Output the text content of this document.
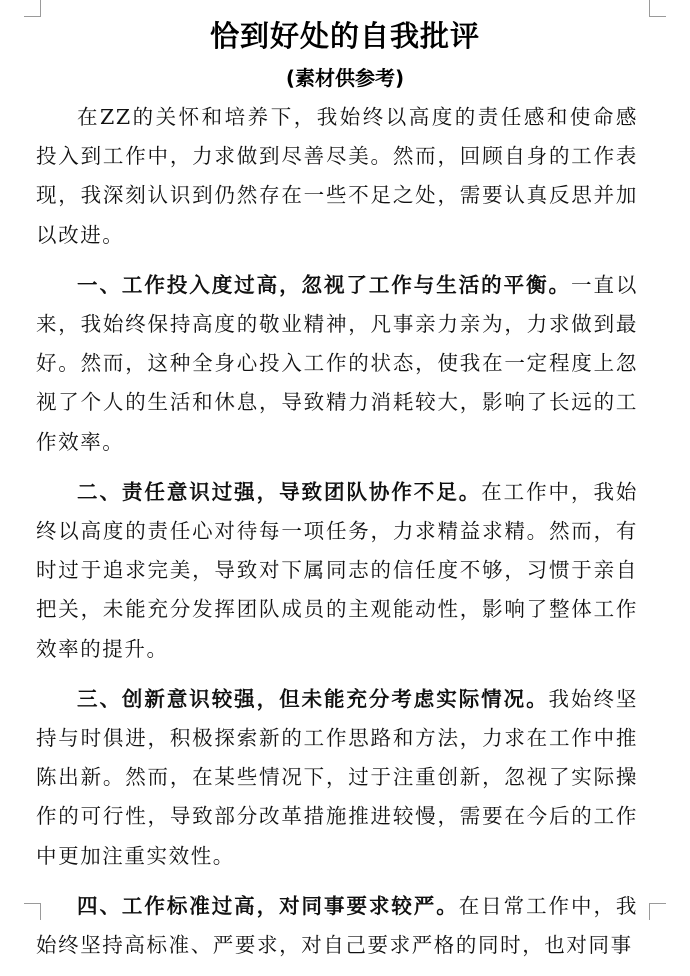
恰到好处的自我批评
(素材供参考)

在ZZ的关怀和培养下，我始终以高度的责任感和使命感投入到工作中，力求做到尽善尽美。然而，回顾自身的工作表现，我深刻认识到仍然存在一些不足之处，需要认真反思并加以改进。

一、工作投入度过高，忽视了工作与生活的平衡。一直以来，我始终保持高度的敬业精神，凡事亲力亲为，力求做到最好。然而，这种全身心投入工作的状态，使我在一定程度上忽视了个人的生活和休息，导致精力消耗较大，影响了长远的工作效率。

二、责任意识过强，导致团队协作不足。在工作中，我始终以高度的责任心对待每一项任务，力求精益求精。然而，有时过于追求完美，导致对下属同志的信任度不够，习惯于亲自把关，未能充分发挥团队成员的主观能动性，影响了整体工作效率的提升。

三、创新意识较强，但未能充分考虑实际情况。我始终坚持与时俱进，积极探索新的工作思路和方法，力求在工作中推陈出新。然而，在某些情况下，过于注重创新，忽视了实际操作的可行性，导致部分改革措施推进较慢，需要在今后的工作中更加注重实效性。

四、工作标准过高，对同事要求较严。在日常工作中，我始终坚持高标准、严要求，对自己要求严格的同时，也对同事
